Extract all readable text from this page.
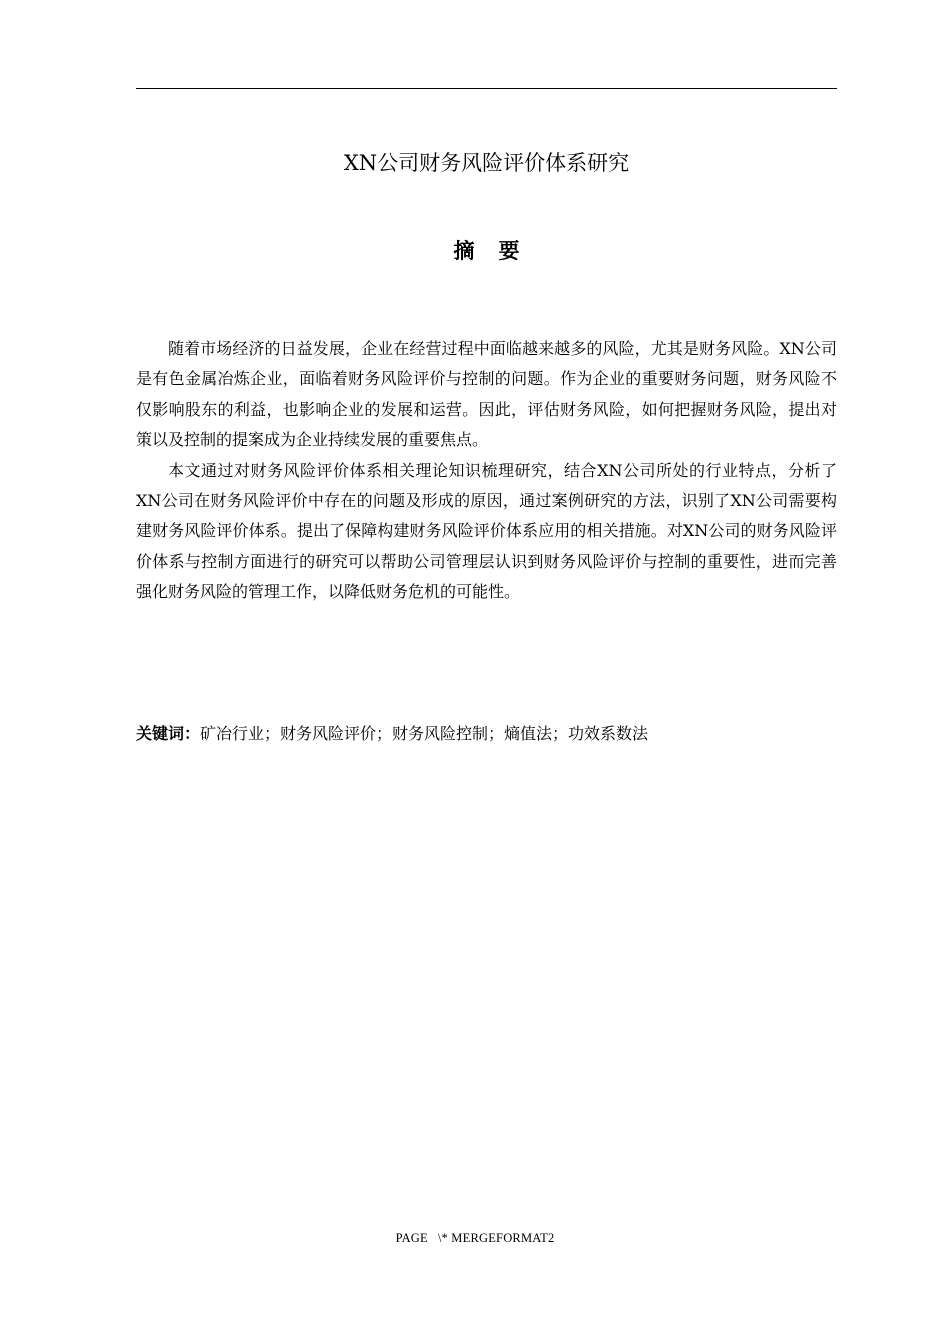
XN公司财务风险评价体系研究
摘要

随着市场经济的日益发展，企业在经营过程中面临越来越多的风险，尤其是财务风险。XN公司是有色金属冶炼企业，面临着财务风险评价与控制的问题。作为企业的重要财务问题，财务风险不仅影响股东的利益，也影响企业的发展和运营。因此，评估财务风险，如何把握财务风险，提出对策以及控制的提案成为企业持续发展的重要焦点。

本文通过对财务风险评价体系相关理论知识梳理研究，结合XN公司所处的行业特点，分析了XN公司在财务风险评价中存在的问题及形成的原因，通过案例研究的方法，识别了XN公司需要构建财务风险评价体系。提出了保障构建财务风险评价体系应用的相关措施。对XN公司的财务风险评价体系与控制方面进行的研究可以帮助公司管理层认识到财务风险评价与控制的重要性，进而完善强化财务风险的管理工作，以降低财务危机的可能性。

关键词：矿冶行业；财务风险评价；财务风险控制；熵值法；功效系数法
PAGE   \* MERGEFORMAT2
